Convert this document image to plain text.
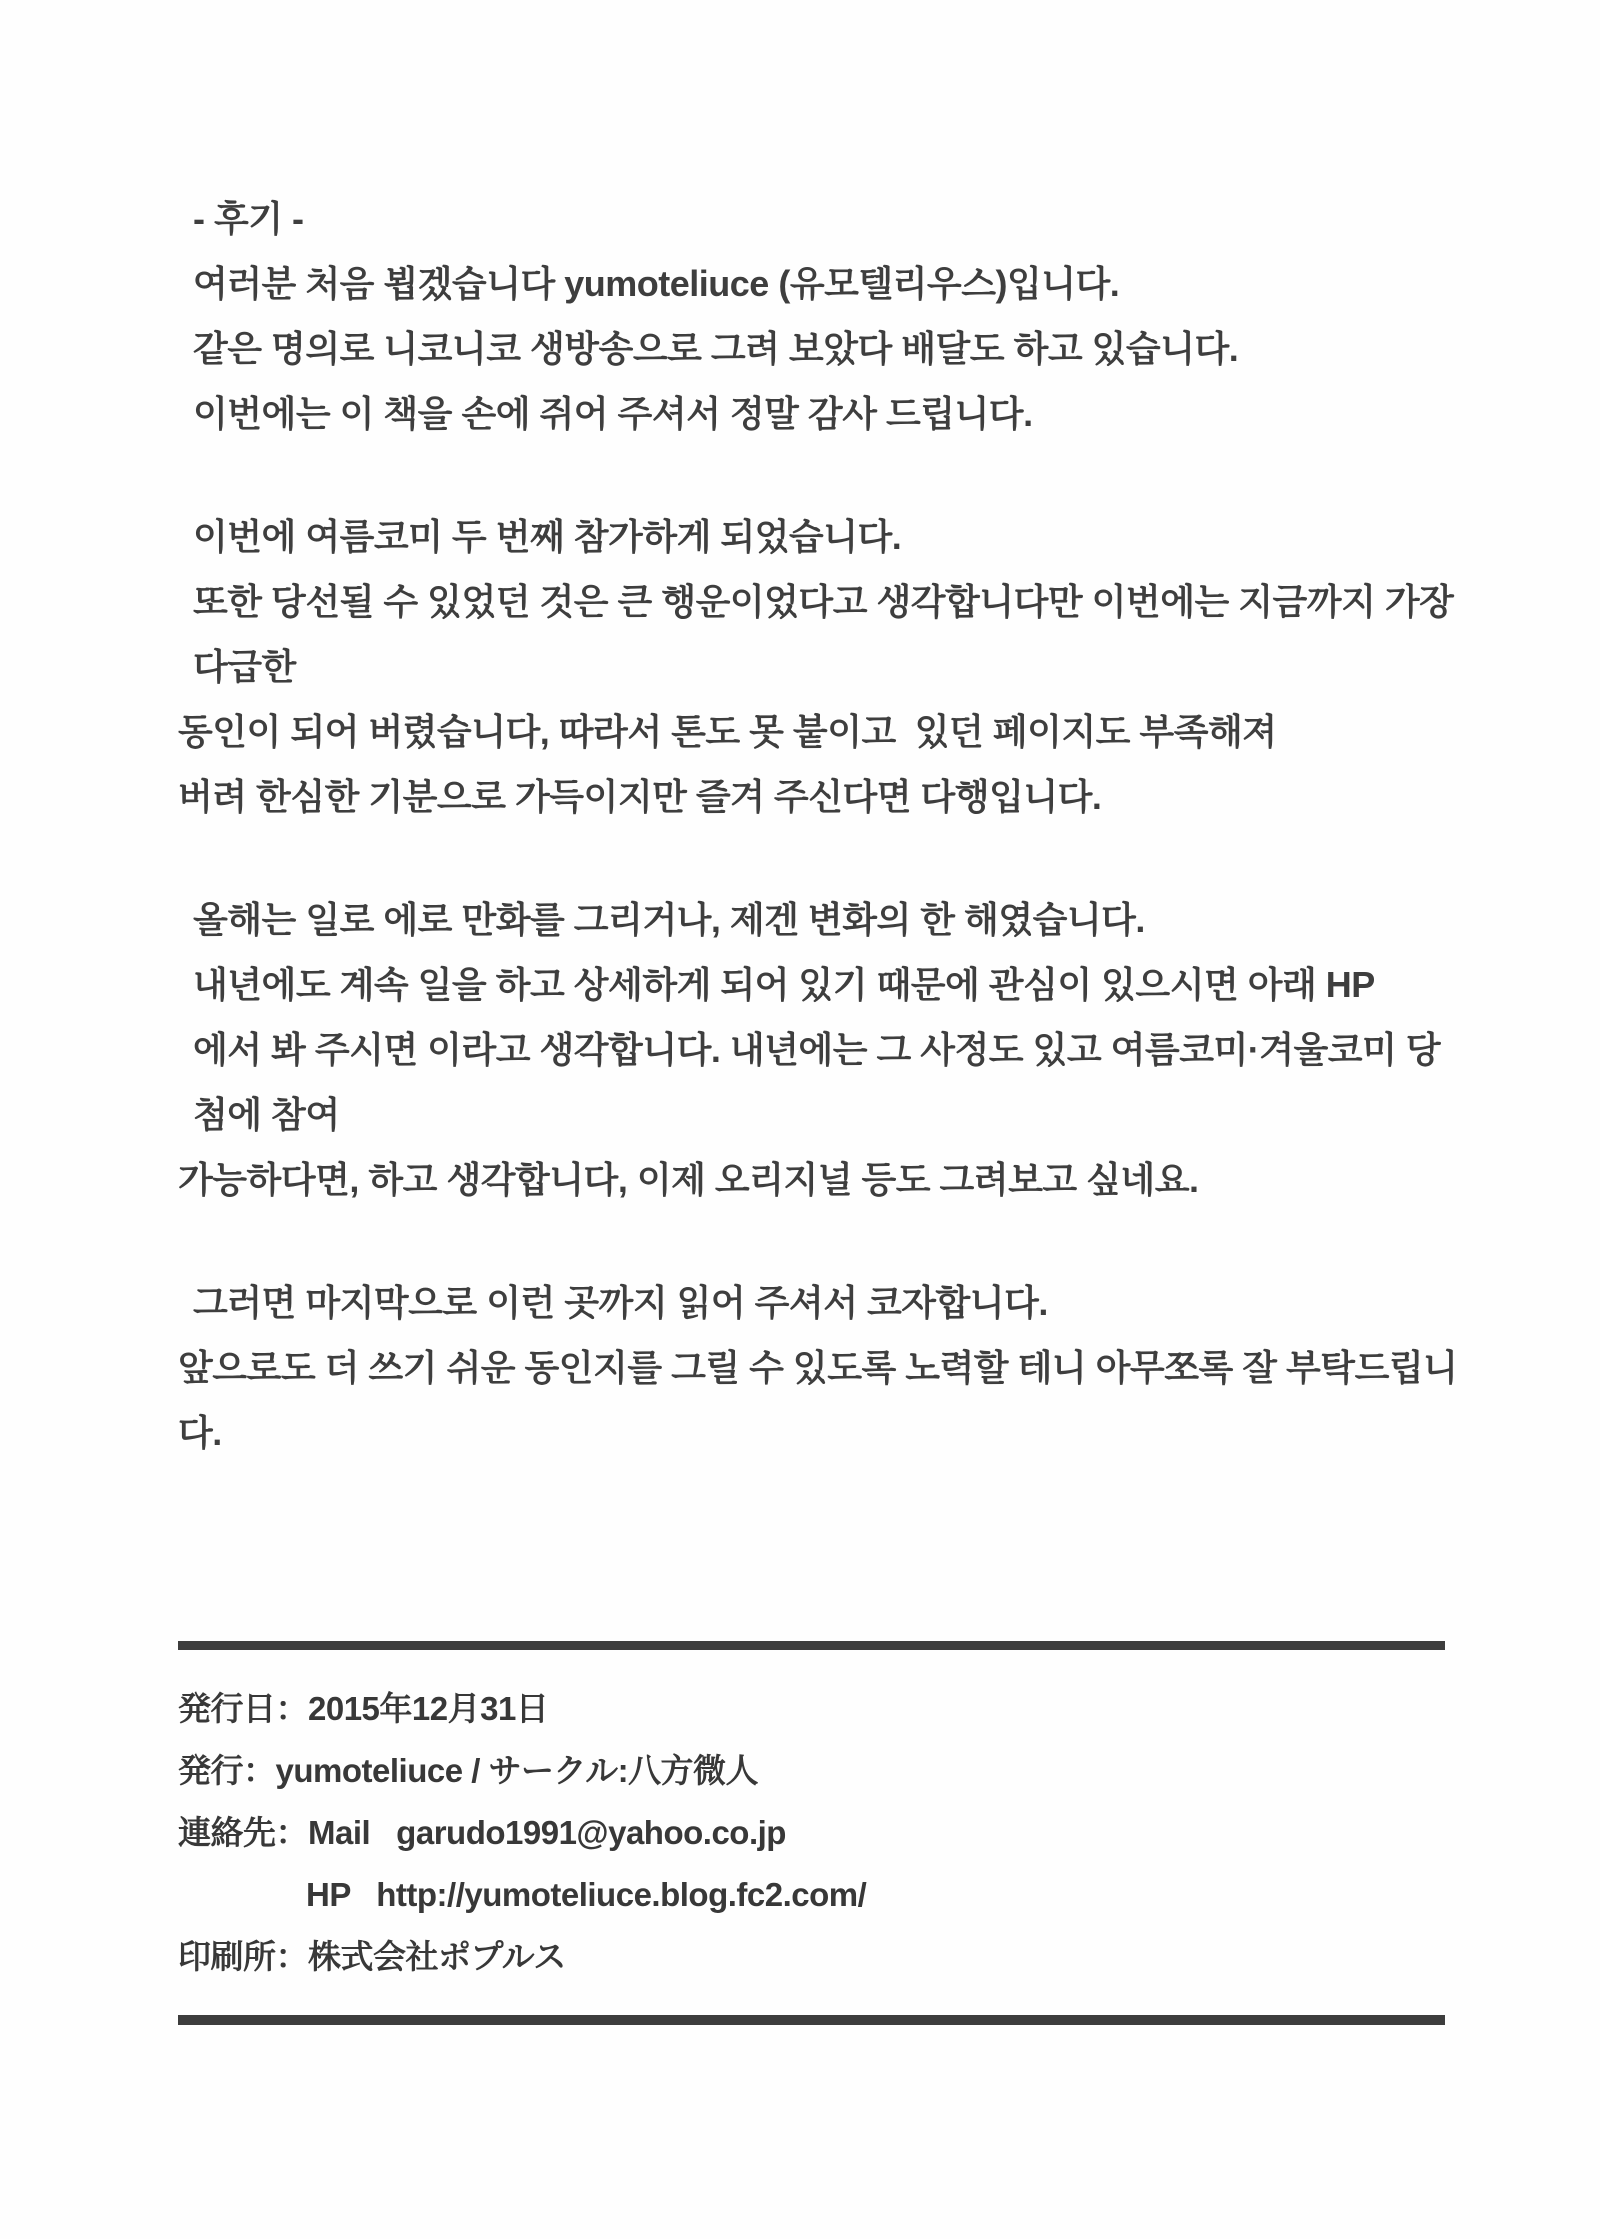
- 후기 -
여러분 처음 뵙겠습니다 yumoteliuce (유모텔리우스)입니다.
같은 명의로 니코니코 생방송으로 그려 보았다 배달도 하고 있습니다.
이번에는 이 책을 손에 쥐어 주셔서 정말 감사 드립니다.
이번에 여름코미 두 번째 참가하게 되었습니다.
또한 당선될 수 있었던 것은 큰 행운이었다고 생각합니다만 이번에는 지금까지 가장 다급한
동인이 되어 버렸습니다, 따라서 톤도 못 붙이고  있던 페이지도 부족해져
버려 한심한 기분으로 가득이지만 즐겨 주신다면 다행입니다.
올해는 일로 에로 만화를 그리거나, 제겐 변화의 한 해였습니다.
내년에도 계속 일을 하고 상세하게 되어 있기 때문에 관심이 있으시면 아래 HP
에서 봐 주시면 이라고 생각합니다. 내년에는 그 사정도 있고 여름코미·겨울코미 당첨에 참여
가능하다면, 하고 생각합니다, 이제 오리지널 등도 그려보고 싶네요.
그러면 마지막으로 이런 곳까지 읽어 주셔서 코자합니다.
앞으로도 더 쓰기 쉬운 동인지를 그릴 수 있도록 노력할 테니 아무쪼록 잘 부탁드립니다.
発行日：2015年12月31日
発行：yumoteliuce / サークル:八方微人
連絡先：Mail   garudo1991@yahoo.co.jp
HP   http://yumoteliuce.blog.fc2.com/
印刷所：株式会社ポプルス
